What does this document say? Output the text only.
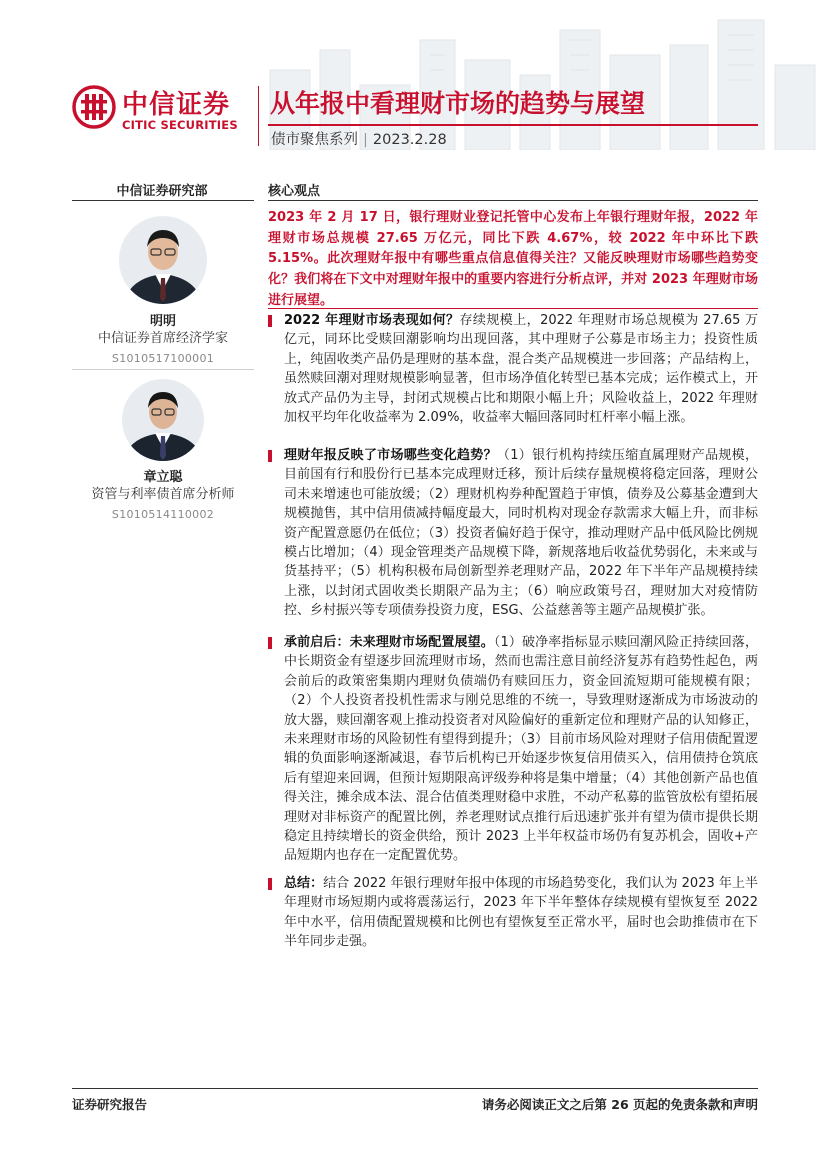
中信证券
CITIC SECURITIES
从年报中看理财市场的趋势与展望
债市聚焦系列 | 2023.2.28
中信证券研究部
明明
中信证券首席经济学家
S1010517100001
章立聪
资管与利率债首席分析师
S1010514110002
核心观点
2023 年 2 月 17 日，银行理财业登记托管中心发布上年银行理财年报，2022 年理财市场总规模 27.65 万亿元，同比下跌 4.67%，较 2022 年中环比下跌 5.15%。此次理财年报中有哪些重点信息值得关注？又能反映理财市场哪些趋势变化？我们将在下文中对理财年报中的重要内容进行分析点评，并对 2023 年理财市场进行展望。
2022 年理财市场表现如何？存续规模上，2022 年理财市场总规模为 27.65 万亿元，同环比受赎回潮影响均出现回落，其中理财子公募是市场主力；投资性质上，纯固收类产品仍是理财的基本盘，混合类产品规模进一步回落；产品结构上，虽然赎回潮对理财规模影响显著，但市场净值化转型已基本完成；运作模式上，开放式产品仍为主导，封闭式规模占比和期限小幅上升；风险收益上，2022 年理财加权平均年化收益率为 2.09%，收益率大幅回落同时杠杆率小幅上涨。
理财年报反映了市场哪些变化趋势？（1）银行机构持续压缩直属理财产品规模，目前国有行和股份行已基本完成理财迁移，预计后续存量规模将稳定回落，理财公司未来增速也可能放缓；（2）理财机构券种配置趋于审慎，债券及公募基金遭到大规模抛售，其中信用债减持幅度最大，同时机构对现金存款需求大幅上升，而非标资产配置意愿仍在低位；（3）投资者偏好趋于保守，推动理财产品中低风险比例规模占比增加；（4）现金管理类产品规模下降，新规落地后收益优势弱化，未来或与货基持平；（5）机构积极布局创新型养老理财产品，2022 年下半年产品规模持续上涨，以封闭式固收类长期限产品为主；（6）响应政策号召，理财加大对疫情防控、乡村振兴等专项债券投资力度，ESG、公益慈善等主题产品规模扩张。
承前启后：未来理财市场配置展望。（1）破净率指标显示赎回潮风险正持续回落，中长期资金有望逐步回流理财市场，然而也需注意目前经济复苏有趋势性起色，两会前后的政策密集期内理财负债端仍有赎回压力，资金回流短期可能规模有限；（2）个人投资者投机性需求与刚兑思维的不统一，导致理财逐渐成为市场波动的放大器，赎回潮客观上推动投资者对风险偏好的重新定位和理财产品的认知修正，未来理财市场的风险韧性有望得到提升；（3）目前市场风险对理财子信用债配置逻辑的负面影响逐渐减退，春节后机构已开始逐步恢复信用债买入，信用债持仓筑底后有望迎来回调，但预计短期限高评级券种将是集中增量；（4）其他创新产品也值得关注，摊余成本法、混合估值类理财稳中求胜，不动产私募的监管放松有望拓展理财对非标资产的配置比例，养老理财试点推行后迅速扩张并有望为债市提供长期稳定且持续增长的资金供给，预计 2023 上半年权益市场仍有复苏机会，固收+产品短期内也存在一定配置优势。
总结：结合 2022 年银行理财年报中体现的市场趋势变化，我们认为 2023 年上半年理财市场短期内或将震荡运行，2023 年下半年整体存续规模有望恢复至 2022 年中水平，信用债配置规模和比例也有望恢复至正常水平，届时也会助推债市在下半年同步走强。
证券研究报告	请务必阅读正文之后第 26 页起的免责条款和声明
